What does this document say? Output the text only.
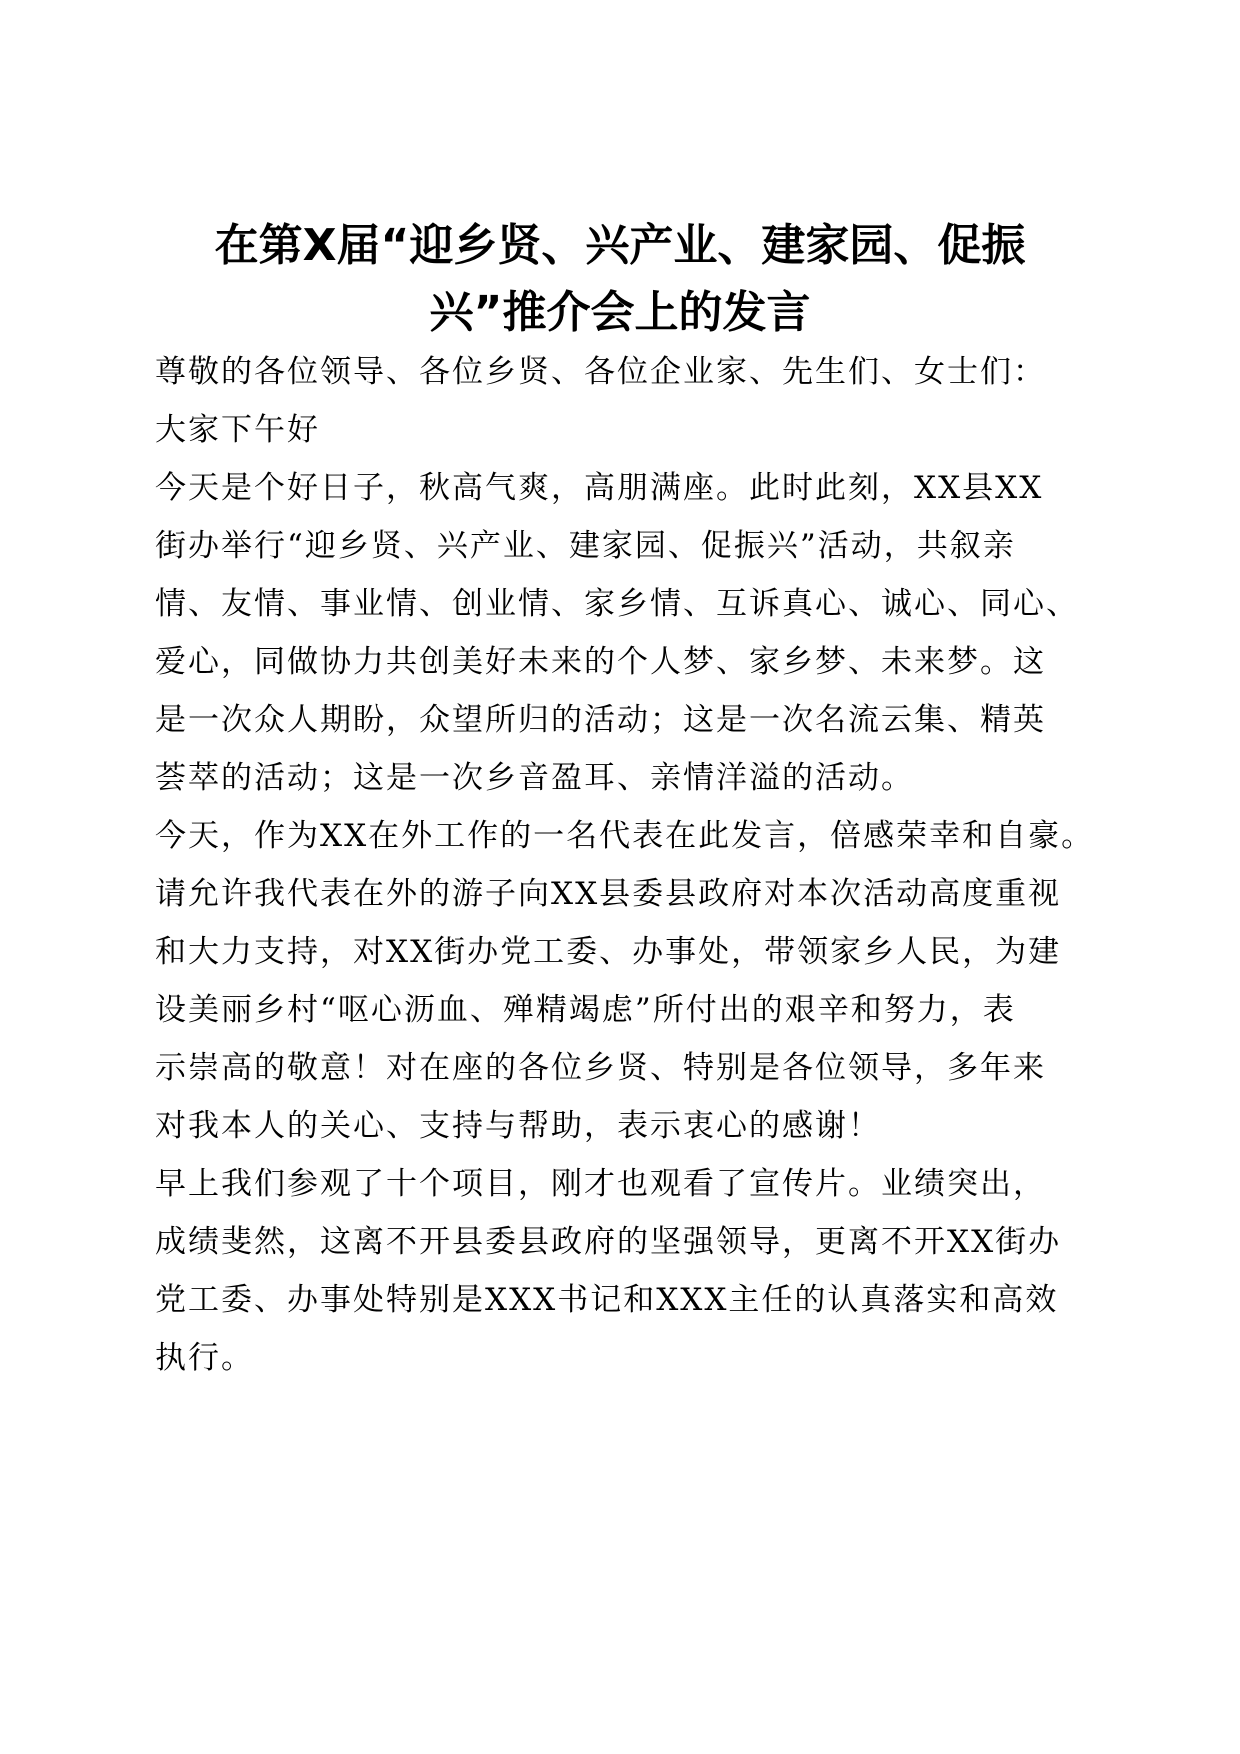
在第X届“迎乡贤、兴产业、建家园、促振
兴”推介会上的发言
尊敬的各位领导、各位乡贤、各位企业家、先生们、女士们：
大家下午好
今天是个好日子，秋高气爽，高朋满座。此时此刻，XX县XX
街办举行“迎乡贤、兴产业、建家园、促振兴”活动，共叙亲
情、友情、事业情、创业情、家乡情、互诉真心、诚心、同心、
爱心，同做协力共创美好未来的个人梦、家乡梦、未来梦。这
是一次众人期盼，众望所归的活动；这是一次名流云集、精英
荟萃的活动；这是一次乡音盈耳、亲情洋溢的活动。
今天，作为XX在外工作的一名代表在此发言，倍感荣幸和自豪。
请允许我代表在外的游子向XX县委县政府对本次活动高度重视
和大力支持，对XX街办党工委、办事处，带领家乡人民，为建
设美丽乡村“呕心沥血、殚精竭虑”所付出的艰辛和努力，表
示崇高的敬意！对在座的各位乡贤、特别是各位领导，多年来
对我本人的关心、支持与帮助，表示衷心的感谢！
早上我们参观了十个项目，刚才也观看了宣传片。业绩突出，
成绩斐然，这离不开县委县政府的坚强领导，更离不开XX街办
党工委、办事处特别是XXX书记和XXX主任的认真落实和高效
执行。
